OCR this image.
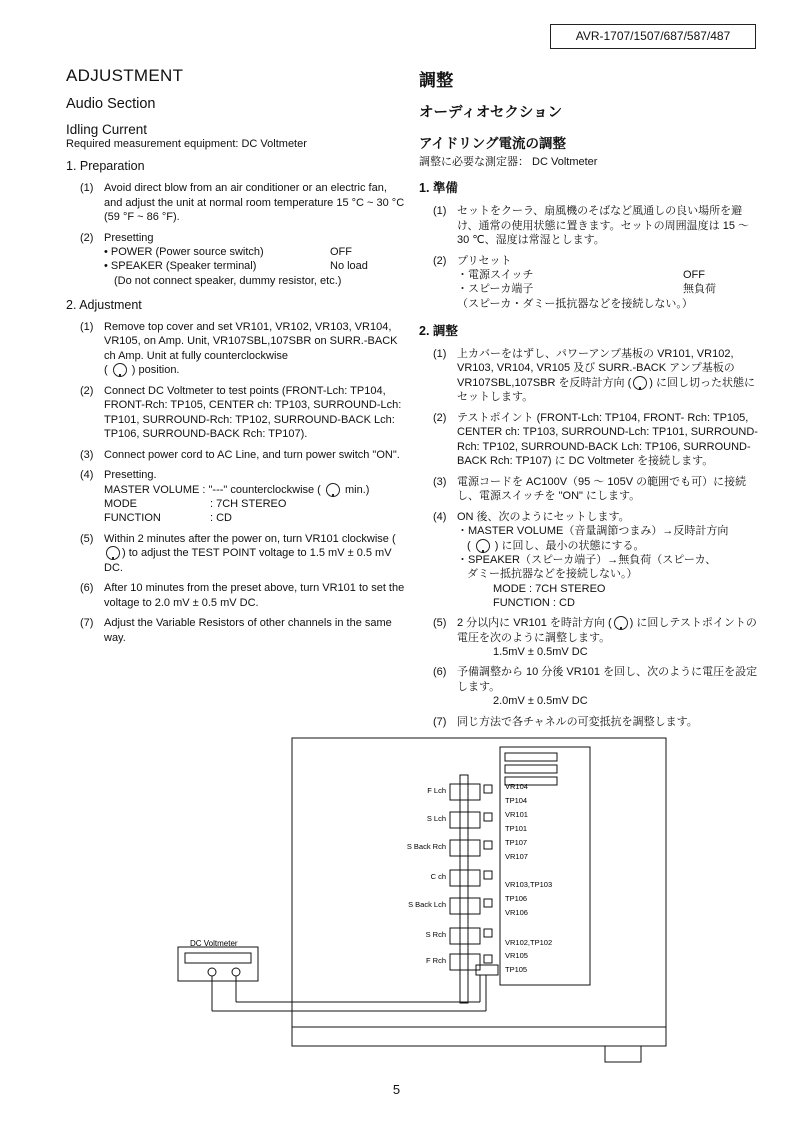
AVR-1707/1507/687/587/487
ADJUSTMENT
Audio Section
Idling Current
Required measurement equipment: DC Voltmeter
1. Preparation
(1) Avoid direct blow from an air conditioner or an electric fan, and adjust the unit at normal room temperature 15 °C ~ 30 °C (59 °F ~ 86 °F).
(2) Presetting
• POWER (Power source switch)	OFF
• SPEAKER (Speaker terminal)	No load
(Do not connect speaker, dummy resistor, etc.)
2. Adjustment
(1) Remove top cover and set VR101, VR102, VR103, VR104, VR105, on Amp. Unit, VR107SBL,107SBR on SURR.-BACK ch Amp. Unit at fully counterclockwise
(  ) position.
(2) Connect DC Voltmeter to test points (FRONT-Lch: TP104, FRONT-Rch: TP105, CENTER ch: TP103, SURROUND-Lch: TP101, SURROUND-Rch: TP102, SURROUND-BACK Lch: TP106, SURROUND-BACK Rch: TP107).
(3) Connect power cord to AC Line, and turn power switch "ON".
(4) Presetting.
MASTER VOLUME : "---" counterclockwise ( min.)
MODE	: 7CH STEREO
FUNCTION	: CD
(5) Within 2 minutes after the power on, turn VR101 clockwise ( ) to adjust the TEST POINT voltage to 1.5 mV ± 0.5 mV DC.
(6) After 10 minutes from the preset above, turn VR101 to set the voltage to 2.0 mV ± 0.5 mV DC.
(7) Adjust the Variable Resistors of other channels in the same way.
調整
オーディオセクション
アイドリング電流の調整
調整に必要な測定器： DC Voltmeter
1. 準備
(1) セットをクーラ、扇風機のそばなど風通しの良い場所を避け、通常の使用状態に置きます。セットの周囲温度は 15 ～ 30 ℃、湿度は常湿とします。
(2) プリセット
・電源スイッチ	OFF
・スピーカ端子	無負荷
（スピーカ・ダミー抵抗器などを接続しない。）
2. 調整
(1) 上カバーをはずし、パワーアンプ基板の VR101, VR102, VR103, VR104, VR105 及び SURR.-BACK アンプ基板の VR107SBL,107SBR を反時計方向 ( ) に回し切った状態にセットします。
(2) テストポイント (FRONT-Lch: TP104, FRONT- Rch: TP105, CENTER ch: TP103, SURROUND-Lch: TP101, SURROUND-Rch: TP102, SURROUND-BACK Lch: TP106, SURROUND-BACK Rch: TP107) に DC Voltmeter を接続します。
(3) 電源コードを AC100V（95 ～ 105V の範囲でも可）に接続し、電源スイッチを "ON" にします。
(4) ON 後、次のようにセットします。
・MASTER VOLUME（音量調節つまみ）→反時計方向
( ) に回し、最小の状態にする。
・SPEAKER（スピーカ端子）→無負荷（スピーカ、
ダミー抵抗器などを接続しない。）
MODE : 7CH STEREO
FUNCTION : CD
(5) 2 分以内に VR101 を時計方向 ( ) に回しテストポイントの電圧を次のように調整します。
1.5mV ± 0.5mV DC
(6) 予備調整から 10 分後 VR101 を回し、次のように電圧を設定します。
2.0mV ± 0.5mV DC
(7) 同じ方法で各チャネルの可変抵抗を調整します。
F Lch
S Lch
S Back Rch
C ch
S Back Lch
S Rch
F Rch
VR104
TP104
VR101
TP101
TP107
VR107
VR103,TP103
TP106
VR106
VR102,TP102
VR105
TP105
DC Voltmeter
5
